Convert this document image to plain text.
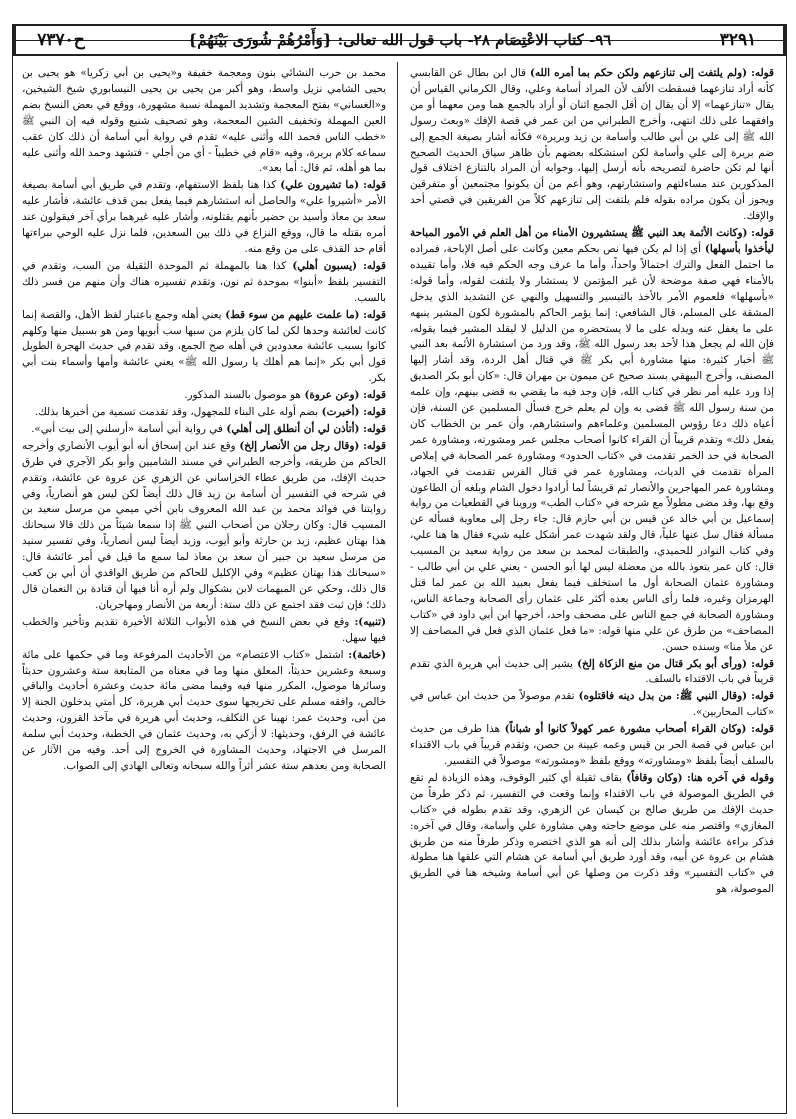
٣٢٩١
٩٦- كتاب الاعْتِصَام ٢٨- باب قول الله تعالى: {وَأَمْرُهُمْ شُورَى بَيْنَهُمْ}
ح٧٣٧٠

قوله: (ولم يلتفت إلى تنازعهم ولكن حكم بما أمره الله) قال ابن بطال عن القابسي كأنه أراد تنازعهما فسقطت الألف لأن المراد أسامة وعلي، وقال الكرماني القياس أن يقال «تنازعهما» إلا أن يقال إن أقل الجمع اثنان أو أراد بالجمع هما ومن معهما أو من وافقهما على ذلك انتهى، وأخرج الطبراني من ابن عمر في قصة الإفك «وبعث رسول الله ﷺ إلى علي بن أبي طالب وأسامة بن زيد وبريرة» فكأنه أشار بصيغة الجمع إلى ضم بريرة إلى علي وأسامة لكن استشكله بعضهم بأن ظاهر سياق الحديث الصحيح أنها لم تكن حاضرة لتصريحه بأنه أرسل إليها، وجوابه أن المراد بالتنازع اختلاف قول المذكورين عند مساءلتهم واستشارتهم، وهو أعم من أن يكونوا مجتمعين أو متفرقين ويجوز أن يكون مراده بقوله فلم يلتفت إلى تنازعهم كلاً من الفريقين في قصتي أحد والإفك.

قوله: (وكانت الأئمة بعد النبي ﷺ يستشيرون الأمناء من أهل العلم في الأمور المباحة ليأخذوا بأسهلها) أي إذا لم يكن فيها نص بحكم معين وكانت على أصل الإباحة، فمراده ما احتمل الفعل والترك احتمالاً واحداً، وأما ما عرف وجه الحكم فيه فلا، وأما تقييده بالأمناء فهي صفة موضحة لأن غير المؤتمن لا يستشار ولا يلتفت لقوله، وأما قوله: «بأسهلها» فلعموم الأمر بالأخذ بالتيسير والتسهيل والنهي عن التشديد الذي يدخل المشقة على المسلم، قال الشافعي: إنما يؤمر الحاكم بالمشورة لكون المشير ينبهه على ما يغفل عنه ويدله على ما لا يستحضره من الدليل لا ليقلد المشير فيما يقوله، فإن الله لم يجعل هذا لأحد بعد رسول الله ﷺ، وقد ورد من استشارة الأئمة بعد النبي ﷺ أخبار كثيرة: منها مشاورة أبي بكر ﷺ في قتال أهل الردة، وقد أشار إليها المصنف، وأخرج البيهقي بسند صحيح عن ميمون بن مهران قال: «كان أبو بكر الصديق إذا ورد عليه أمر نظر في كتاب الله، فإن وجد فيه ما يقضي به قضى بينهم، وإن علمه من سنة رسول الله ﷺ قضى به وإن لم يعلم خرج فسأل المسلمين عن السنة، فإن أعياه ذلك دعا رؤوس المسلمين وعلماءهم واستشارهم، وأن عمر بن الخطاب كان يفعل ذلك» وتقدم قريباً أن القراء كانوا أصحاب مجلس عمر ومشورته، ومشاورة عمر الصحابة في حد الخمر تقدمت في «كتاب الحدود» ومشاورة عمر الصحابة في إملاص المرأة تقدمت في الديات، ومشاورة عمر في قتال الفرس تقدمت في الجهاد، ومشاورة عمر المهاجرين والأنصار ثم قريشاً لما أرادوا دخول الشام وبلغه أن الطاعون وقع بها، وقد مضى مطولاً مع شرحه في «كتاب الطب» وروينا في القطعيات من رواية إسماعيل بن أبي خالد عن قيس بن أبي حازم قال: جاء رجل إلى معاوية فسأله عن مسألة فقال سل عنها علياً، قال ولقد شهدت عمر أشكل عليه شيء فقال ها هنا علي، وفي كتاب النوادر للحميدي، والطبقات لمحمد بن سعد من رواية سعيد بن المسيب قال: كان عمر يتعوذ بالله من معضلة ليس لها أبو الحسن - يعني علي بن أبي طالب - ومشاورة عثمان الصحابة أول ما استخلف فيما يفعل بعبيد الله بن عمر لما قتل الهرمزان وغيره، فلما رأى الناس بعده أكثر على عثمان رأى الصحابة وجماعة الناس، ومشاورة الصحابة في جمع الناس على مصحف واحد، أخرجها ابن أبي داود في «كتاب المصاحف» من طرق عن علي منها قوله: «ما فعل عثمان الذي فعل في المصاحف إلا عن ملأ منا» وسنده حسن.

قوله: (ورأى أبو بكر قتال من منع الزكاة إلخ) يشير إلى حديث أبي هريرة الذي تقدم قريباً في باب الاقتداء بالسلف.

قوله: (وقال النبي ﷺ: من بدل دينه فاقتلوه) تقدم موصولاً من حديث ابن عباس في «كتاب المحاربين».

قوله: (وكان القراء أصحاب مشورة عمر كهولاً كانوا أو شباناً) هذا طرف من حديث ابن عباس في قصة الحر بن قيس وعمه عيينة بن حصن، وتقدم قريباً في باب الاقتداء بالسلف أيضاً بلفظ «ومشاورته» ووقع بلفظ «ومشورته» موصولاً في التفسير.

وقوله في آخره هنا: (وكان وقافاً) بقاف ثقيلة أي كثير الوقوف، وهذه الزيادة لم تقع في الطريق الموصولة في باب الاقتداء وإنما وقعت في التفسير، ثم ذكر طرفاً من حديث الإفك من طريق صالح بن كيسان عن الزهري، وقد تقدم بطوله في «كتاب المغازي» واقتصر منه على موضع حاجته وهي مشاورة علي وأسامة، وقال في آخره: فذكر براءة عائشة وأشار بذلك إلى أنه هو الذي اختصره وذكر طرفاً منه من طريق هشام بن عروة عن أبيه، وقد أورد طريق أبي أسامة عن هشام التي علقها هنا مطولة في «كتاب التفسير» وقد ذكرت من وصلها عن أبي أسامة وشيخه هنا في الطريق الموصولة، هو

محمد بن حرب النشائي بنون ومعجمة خفيفة و«يحيى بن أبي زكريا» هو يحيى بن يحيى الشامي نزيل واسط، وهو أكبر من يحيى بن يحيى النيسابوري شيخ الشيخين، و«الغساني» بفتح المعجمة وتشديد المهملة نسبة مشهورة، ووقع في بعض النسخ بضم العين المهملة وتخفيف الشين المعجمة، وهو تصحيف شنيع وقوله فيه إن النبي ﷺ «خطب الناس فحمد الله وأثنى عليه» تقدم في رواية أبي أسامة أن ذلك كان عقب سماعه كلام بريرة، وفيه «قام في خطيباً - أي من أجلي - فتشهد وحمد الله وأثنى عليه بما هو أهله، ثم قال: أما بعد».

قوله: (ما تشيرون علي) كذا هنا بلفظ الاستفهام، وتقدم في طريق أبي أسامة بصيغة الأمر «أشيروا علي» والحاصل أنه استشارهم فيما يفعل بمن قذف عائشة، فأشار عليه سعد بن معاذ وأسيد بن حضير بأنهم يقتلونه، وأشار عليه غيرهما برأي آخر فيقولون عند أمره بقتله ما قال، ووقع النزاع في ذلك بين السعدين، فلما نزل عليه الوحي ببراءتها أقام حد القذف على من وقع منه.

قوله: (يسبون أهلي) كذا هنا بالمهملة ثم الموحدة الثقيلة من السب، وتقدم في التفسير بلفظ «أبنوا» بموحدة ثم نون، وتقدم تفسيره هناك وأن منهم من فسر ذلك بالسب.

قوله: (ما علمت عليهم من سوء قط) يعني أهله وجمع باعتبار لفظ الأهل، والقصة إنما كانت لعائشة وحدها لكن لما كان يلزم من سبها سب أبويها ومن هو بسبيل منها وكلهم كانوا بسبب عائشة معدودين في أهله صح الجمع، وقد تقدم في حديث الهجرة الطويل قول أبي بكر «إنما هم أهلك يا رسول الله ﷺ» يعني عائشة وأمها وأسماء بنت أبي بكر.

قوله: (وعن عروة) هو موصول بالسند المذكور.

قوله: (أخبرت) بضم أوله على البناء للمجهول، وقد تقدمت تسمية من أخبرها بذلك.

قوله: (أتأذن لي أن أنطلق إلى أهلي) في رواية أبي أسامة «أرسلني إلى بيت أبي».

قوله: (وقال رجل من الأنصار إلخ) وقع عند ابن إسحاق أنه أبو أيوب الأنصاري وأخرجه الحاكم من طريقه، وأخرجه الطبراني في مسند الشاميين وأبو بكر الآجري في طرق حديث الإفك، من طريق عطاء الخراساني عن الزهري عن عروة عن عائشة، وتقدم في شرحه في التفسير أن أسامة بن زيد قال ذلك أيضاً لكن ليس هو أنصارياً، وفي روايتنا في فوائد محمد بن عبد الله المعروف بابن أخي ميمي من مرسل سعيد بن المسيب قال: وكان رجلان من أصحاب النبي ﷺ إذا سمعا شيئاً من ذلك قالا سبحانك هذا بهتان عظيم، زيد بن حارثة وأبو أيوب، وزيد أيضاً ليس أنصارياً، وفي تفسير سنيد من مرسل سعيد بن جبير أن سعد بن معاذ لما سمع ما قيل في أمر عائشة قال: «سبحانك هذا بهتان عظيم» وفي الإكليل للحاكم من طريق الواقدي أن أبي بن كعب قال ذلك، وحكي عن المبهمات لابن بشكوال ولم أره أنا فيها أن قتادة بن النعمان قال ذلك؛ فإن ثبت فقد اجتمع عن ذلك ستة: أربعة من الأنصار ومهاجريان.

(تنبيه): وقع في بعض النسخ في هذه الأبواب الثلاثة الأخيرة تقديم وتأخير والخطب فيها سهل.

(خاتمة): اشتمل «كتاب الاعتصام» من الأحاديث المرفوعة وما في حكمها على مائة وسبعة وعشرين حديثاً، المعلق منها وما في معناه من المتابعة ستة وعشرون حديثاً وسائرها موصول، المكرر منها فيه وفيما مضى مائة حديث وعشرة أحاديث والباقي خالص، وافقه مسلم على تخريجها سوى حديث أبي هريرة، كل أمتي يدخلون الجنة إلا من أبى، وحديث عمر: نهينا عن التكلف، وحديث أبي هريرة في مآخذ القرون، وحديث عائشة في الرفق، وحديثها: لا أزكي به، وحديث عثمان في الخطبة، وحديث أبي سلمة المرسل في الاجتهاد، وحديث المشاورة في الخروج إلى أحد. وفيه من الآثار عن الصحابة ومن بعدهم ستة عشر أثراً والله سبحانه وتعالى الهادي إلى الصواب.
